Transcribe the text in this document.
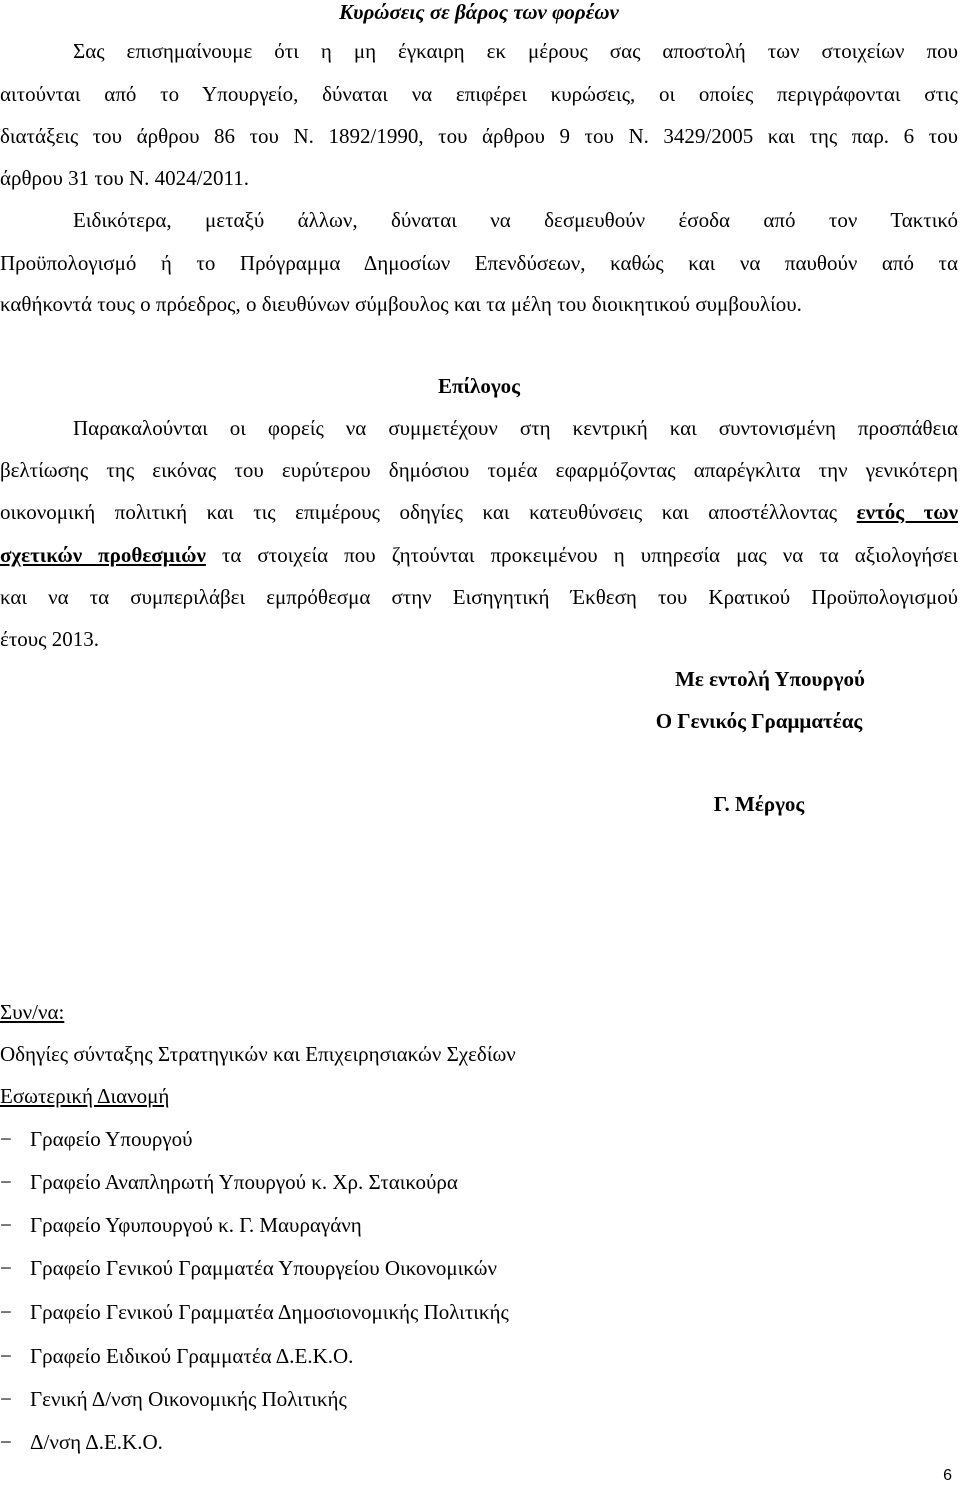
Κυρώσεις σε βάρος των φορέων
Σας επισημαίνουμε ότι η μη έγκαιρη εκ μέρους σας αποστολή των στοιχείων που
αιτούνται από το Υπουργείο, δύναται να επιφέρει κυρώσεις, οι οποίες περιγράφονται στις
διατάξεις του άρθρου 86 του Ν. 1892/1990, του άρθρου 9 του Ν. 3429/2005 και της παρ. 6 του
άρθρου 31 του Ν. 4024/2011.
Ειδικότερα, μεταξύ άλλων, δύναται να δεσμευθούν έσοδα από τον Τακτικό
Προϋπολογισμό ή το Πρόγραμμα Δημοσίων Επενδύσεων, καθώς και να παυθούν από τα
καθήκοντά τους ο πρόεδρος, ο διευθύνων σύμβουλος και τα μέλη του διοικητικού συμβουλίου.
Επίλογος
Παρακαλούνται οι φορείς να συμμετέχουν στη κεντρική και συντονισμένη προσπάθεια
βελτίωσης της εικόνας του ευρύτερου δημόσιου τομέα εφαρμόζοντας απαρέγκλιτα την γενικότερη
οικονομική πολιτική και τις επιμέρους οδηγίες και κατευθύνσεις και αποστέλλοντας εντός των
σχετικών προθεσμιών τα στοιχεία που ζητούνται προκειμένου η υπηρεσία μας να τα αξιολογήσει
και να τα συμπεριλάβει εμπρόθεσμα στην Εισηγητική Έκθεση του Κρατικού Προϋπολογισμού
έτους 2013.
Με εντολή Υπουργού
Ο Γενικός Γραμματέας
Γ. Μέργος
Συν/να:
Οδηγίες σύνταξης Στρατηγικών και Επιχειρησιακών Σχεδίων
Εσωτερική Διανομή
− Γραφείο Υπουργού
− Γραφείο Αναπληρωτή Υπουργού κ. Χρ. Σταικούρα
− Γραφείο Υφυπουργού κ. Γ. Μαυραγάνη
− Γραφείο Γενικού Γραμματέα Υπουργείου Οικονομικών
− Γραφείο Γενικού Γραμματέα Δημοσιονομικής Πολιτικής
− Γραφείο Ειδικού Γραμματέα Δ.Ε.Κ.Ο.
− Γενική Δ/νση Οικονομικής Πολιτικής
− Δ/νση Δ.Ε.Κ.Ο.
6
